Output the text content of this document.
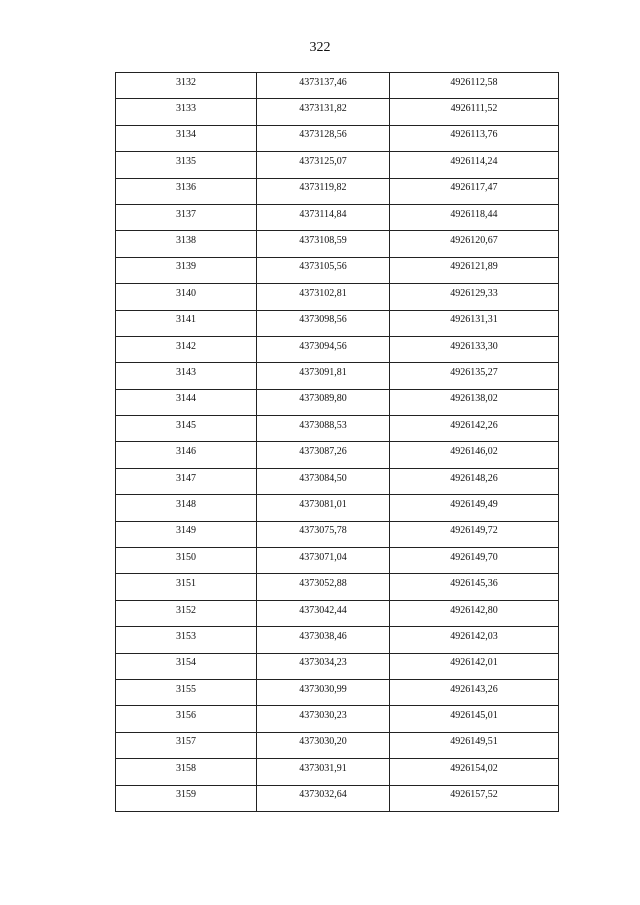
322
3132	4373137,46	4926112,58
3133	4373131,82	4926111,52
3134	4373128,56	4926113,76
3135	4373125,07	4926114,24
3136	4373119,82	4926117,47
3137	4373114,84	4926118,44
3138	4373108,59	4926120,67
3139	4373105,56	4926121,89
3140	4373102,81	4926129,33
3141	4373098,56	4926131,31
3142	4373094,56	4926133,30
3143	4373091,81	4926135,27
3144	4373089,80	4926138,02
3145	4373088,53	4926142,26
3146	4373087,26	4926146,02
3147	4373084,50	4926148,26
3148	4373081,01	4926149,49
3149	4373075,78	4926149,72
3150	4373071,04	4926149,70
3151	4373052,88	4926145,36
3152	4373042,44	4926142,80
3153	4373038,46	4926142,03
3154	4373034,23	4926142,01
3155	4373030,99	4926143,26
3156	4373030,23	4926145,01
3157	4373030,20	4926149,51
3158	4373031,91	4926154,02
3159	4373032,64	4926157,52
